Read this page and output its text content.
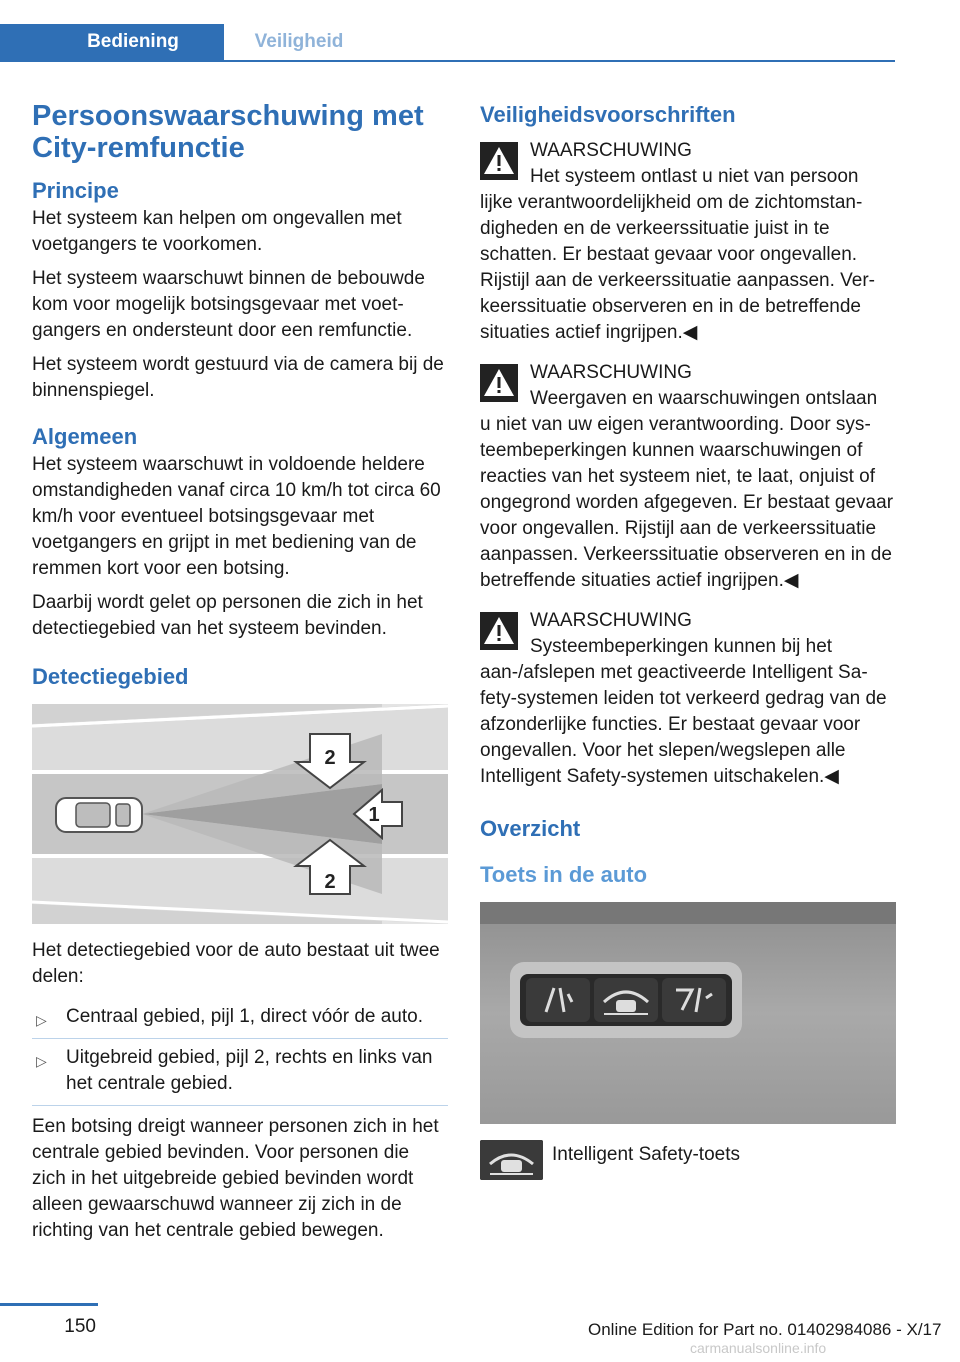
Bediening	Veiligheid
Persoonswaarschuwing met City-remfunctie
Principe

Het systeem kan helpen om ongevallen met voetgangers te voorkomen.

Het systeem waarschuwt binnen de bebouwde kom voor mogelijk botsingsgevaar met voetgangers en ondersteunt door een remfunctie.

Het systeem wordt gestuurd via de camera bij de binnenspiegel.

Algemeen

Het systeem waarschuwt in voldoende heldere omstandigheden vanaf circa 10 km/h tot circa 60 km/h voor eventueel botsingsgevaar met voetgangers en grijpt in met bediening van de remmen kort voor een botsing.

Daarbij wordt gelet op personen die zich in het detectiegebied van het systeem bevinden.

Detectiegebied
2
1
2

Het detectiegebied voor de auto bestaat uit twee delen:

▷ Centraal gebied, pijl 1, direct vóór de auto.
▷ Uitgebreid gebied, pijl 2, rechts en links van het centrale gebied.

Een botsing dreigt wanneer personen zich in het centrale gebied bevinden. Voor personen die zich in het uitgebreide gebied bevinden wordt alleen gewaarschuwd wanneer zij zich in de richting van het centrale gebied bewegen.

Veiligheidsvoorschriften
WAARSCHUWING
Het systeem ontlast u niet van persoon
lijke verantwoordelijkheid om de zichtomstandigheden en de verkeerssituatie juist in te schatten. Er bestaat gevaar voor ongevallen. Rijstijl aan de verkeerssituatie aanpassen. Verkeerssituatie observeren en in de betreffende situaties actief ingrijpen.◀
WAARSCHUWING
Weergaven en waarschuwingen ontslaan
u niet van uw eigen verantwoording. Door systeembeperkingen kunnen waarschuwingen of reacties van het systeem niet, te laat, onjuist of ongegrond worden afgegeven. Er bestaat gevaar voor ongevallen. Rijstijl aan de verkeerssituatie aanpassen. Verkeerssituatie observeren en in de betreffende situaties actief ingrijpen.◀
WAARSCHUWING
Systeembeperkingen kunnen bij het
aan-/afslepen met geactiveerde Intelligent Safety-systemen leiden tot verkeerd gedrag van de afzonderlijke functies. Er bestaat gevaar voor ongevallen. Voor het slepen/wegslepen alle Intelligent Safety-systemen uitschakelen.◀
Overzicht
Toets in de auto
Intelligent Safety-toets
150	Online Edition for Part no. 01402984086 - X/17
carmanualsonline.info
